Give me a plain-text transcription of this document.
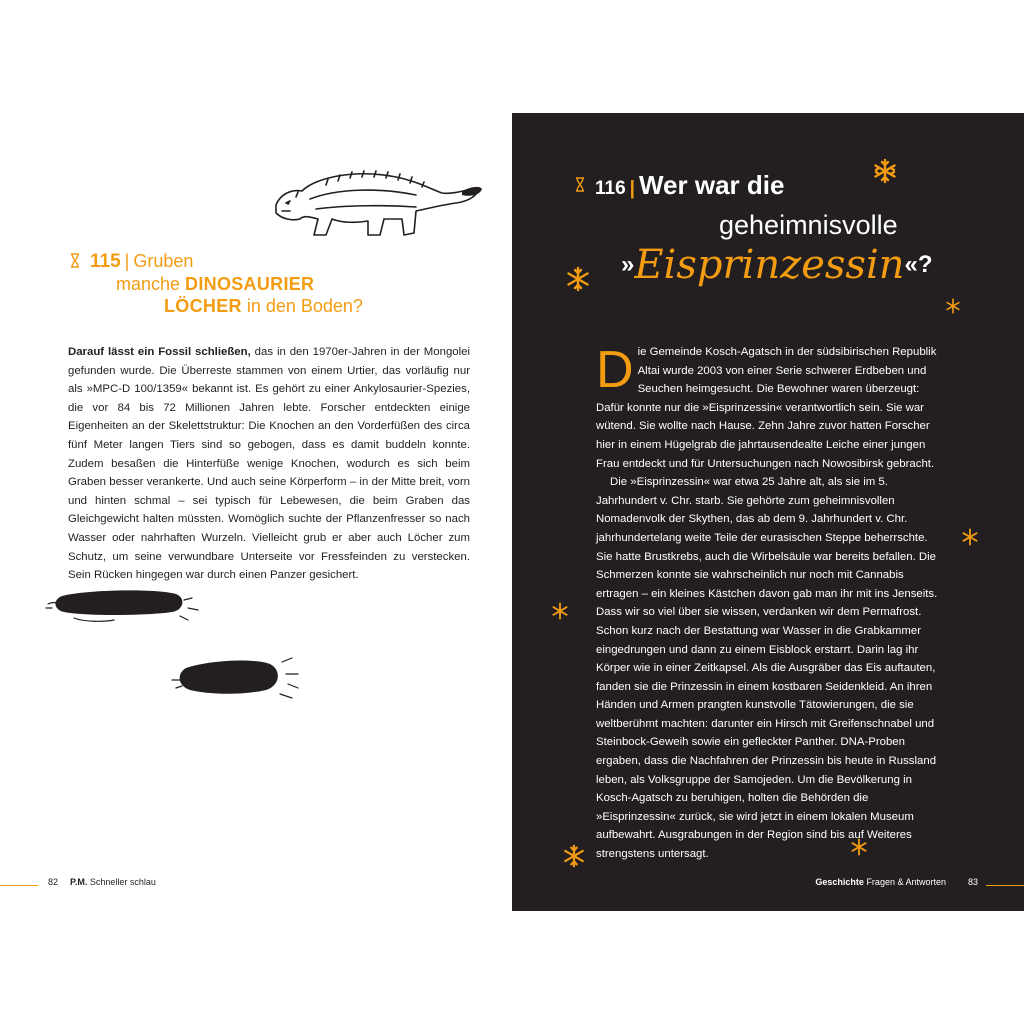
115 | Gruben
manche DINOSAURIER
LÖCHER in den Boden?
Darauf lässt ein Fossil schließen, das in den 1970er-Jahren in der Mongolei gefunden wurde. Die Überreste stammen von einem Urtier, das vorläufig nur als »MPC-D 100/1359« bekannt ist. Es gehört zu einer Ankylosaurier-Spezies, die vor 84 bis 72 Millionen Jahren lebte. Forscher entdeckten einige Eigenheiten an der Skelettstruktur: Die Knochen an den Vorderfüßen des circa fünf Meter langen Tiers sind so gebogen, dass es damit buddeln konnte. Zudem besaßen die Hinterfüße wenige Knochen, wodurch es sich beim Graben besser verankerte. Und auch seine Körperform – in der Mitte breit, vorn und hinten schmal – sei typisch für Lebewesen, die beim Graben das Gleichgewicht halten müssten. Womöglich suchte der Pflanzenfresser so nach Wasser oder nahrhaften Wurzeln. Vielleicht grub er aber auch Löcher zum Schutz, um seine verwundbare Unterseite vor Fressfeinden zu verstecken. Sein Rücken hingegen war durch einen Panzer gesichert.
116 | Wer war die
geheimnisvolle
»Eisprinzessin«?

Die Gemeinde Kosch-Agatsch in der südsibirischen Republik Altai wurde 2003 von einer Serie schwerer Erdbeben und Seuchen heimgesucht. Die Bewohner waren überzeugt: Dafür konnte nur die »Eisprinzessin« verantwortlich sein. Sie war wütend. Sie wollte nach Hause. Zehn Jahre zuvor hatten Forscher hier in einem Hügelgrab die jahrtausendealte Leiche einer jungen Frau entdeckt und für Untersuchungen nach Nowosibirsk gebracht.

Die »Eisprinzessin« war etwa 25 Jahre alt, als sie im 5. Jahrhundert v. Chr. starb. Sie gehörte zum geheimnisvollen Nomadenvolk der Skythen, das ab dem 9. Jahrhundert v. Chr. jahrhundertelang weite Teile der eurasischen Steppe beherrschte. Sie hatte Brustkrebs, auch die Wirbelsäule war bereits befallen. Die Schmerzen konnte sie wahrscheinlich nur noch mit Cannabis ertragen – ein kleines Kästchen davon gab man ihr mit ins Jenseits. Dass wir so viel über sie wissen, verdanken wir dem Permafrost. Schon kurz nach der Bestattung war Wasser in die Grabkammer eingedrungen und dann zu einem Eisblock erstarrt. Darin lag ihr Körper wie in einer Zeitkapsel. Als die Ausgräber das Eis auftauten, fanden sie die Prinzessin in einem kostbaren Seidenkleid. An ihren Händen und Armen prangten kunstvolle Tätowierungen, die sie weltberühmt machten: darunter ein Hirsch mit Greifenschnabel und Steinbock-Geweih sowie ein gefleckter Panther. DNA-Proben ergaben, dass die Nachfahren der Prinzessin bis heute in Russland leben, als Volksgruppe der Samojeden. Um die Bevölkerung in Kosch-Agatsch zu beruhigen, holten die Behörden die »Eisprinzessin« zurück, sie wird jetzt in einem lokalen Museum aufbewahrt. Ausgrabungen in der Region sind bis auf Weiteres strengstens untersagt.

82 P.M. Schneller schlau	Geschichte Fragen & Antworten 83
